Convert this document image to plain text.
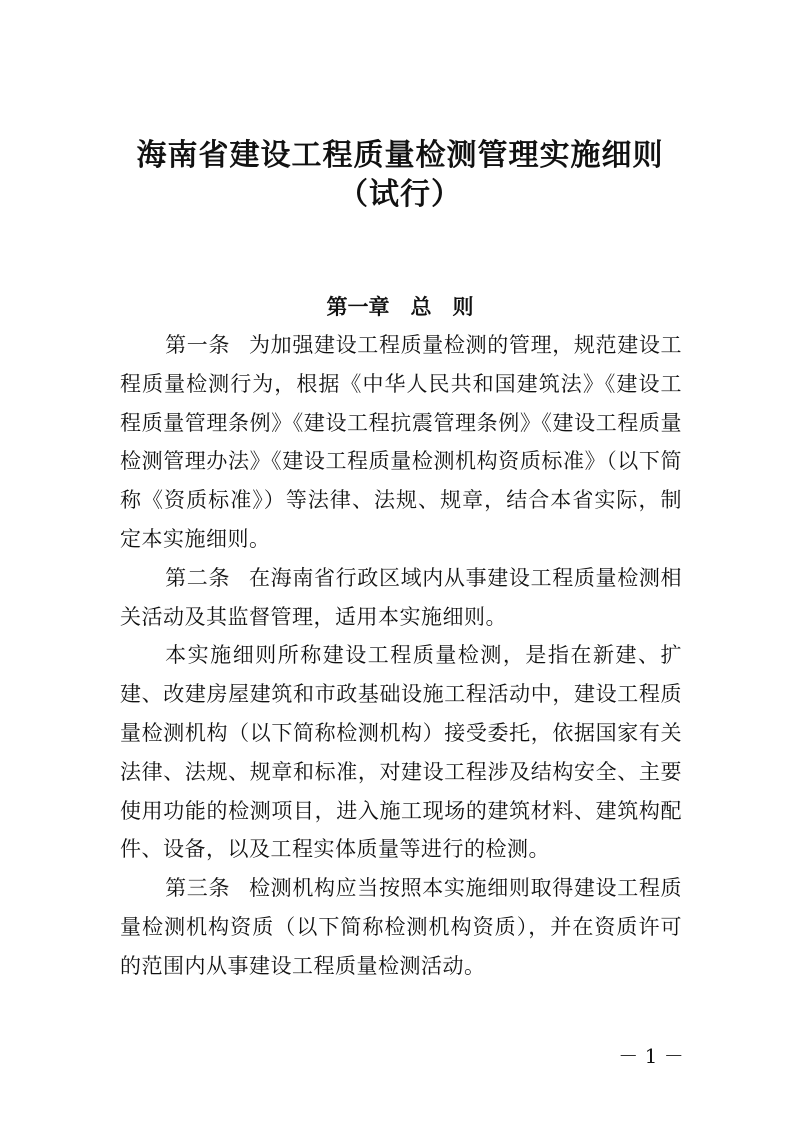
海南省建设工程质量检测管理实施细则
（试行）
第一章　总　则

第一条 为加强建设工程质量检测的管理，规范建设工程质量检测行为，根据《中华人民共和国建筑法》《建设工程质量管理条例》《建设工程抗震管理条例》《建设工程质量检测管理办法》《建设工程质量检测机构资质标准》（以下简称《资质标准》）等法律、法规、规章，结合本省实际，制定本实施细则。

第二条 在海南省行政区域内从事建设工程质量检测相关活动及其监督管理，适用本实施细则。

本实施细则所称建设工程质量检测，是指在新建、扩建、改建房屋建筑和市政基础设施工程活动中，建设工程质量检测机构（以下简称检测机构）接受委托，依据国家有关法律、法规、规章和标准，对建设工程涉及结构安全、主要使用功能的检测项目，进入施工现场的建筑材料、建筑构配件、设备，以及工程实体质量等进行的检测。

第三条 检测机构应当按照本实施细则取得建设工程质量检测机构资质（以下简称检测机构资质），并在资质许可的范围内从事建设工程质量检测活动。

－ 1 －
